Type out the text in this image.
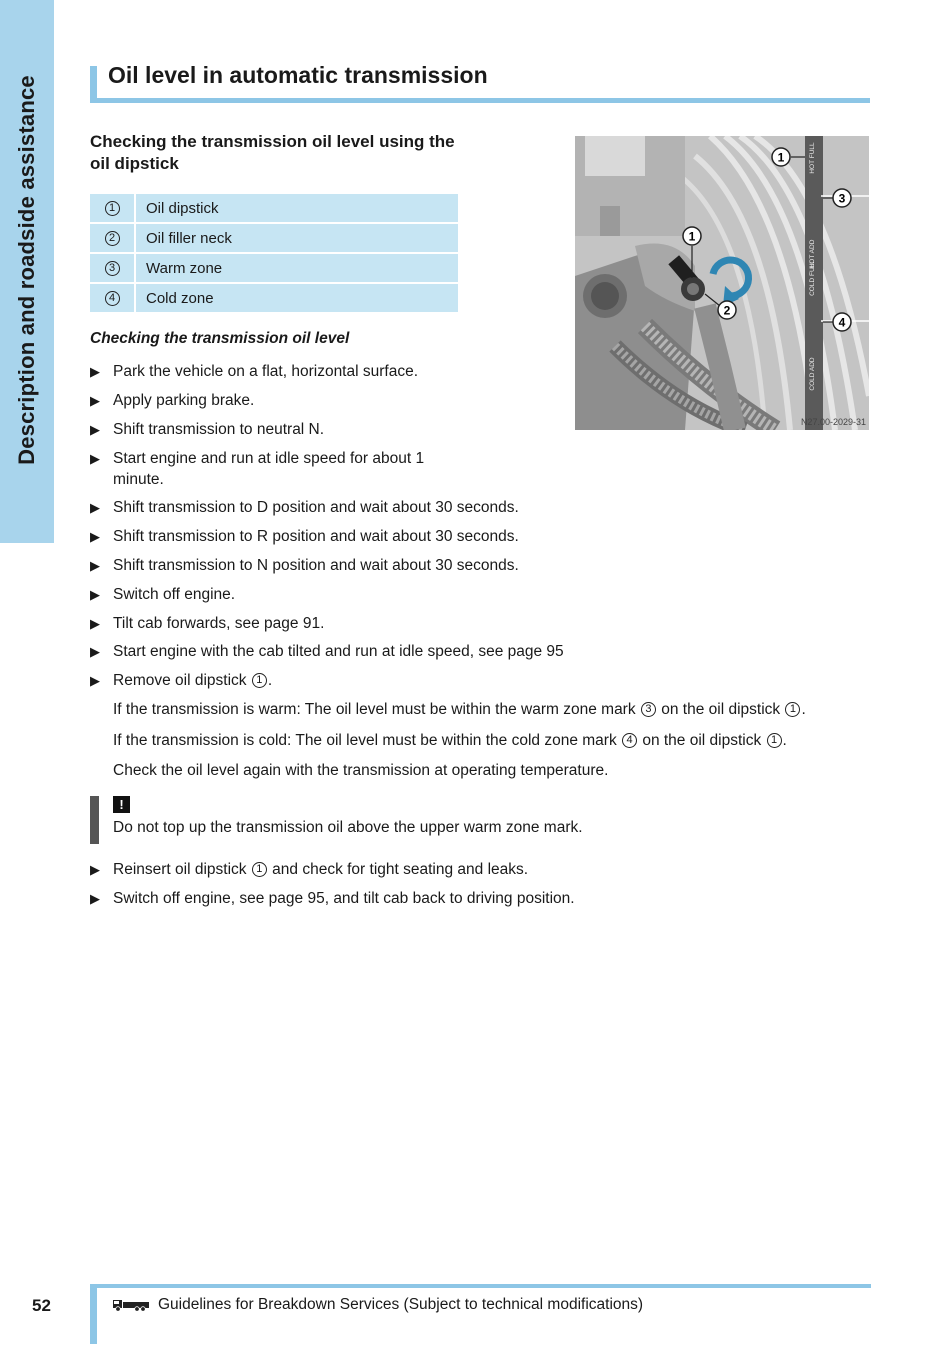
Description and roadside assistance
Oil level in automatic transmission
Checking the transmission oil level using the oil dipstick
1	Oil dipstick
2	Oil filler neck
3	Warm zone
4	Cold zone
HOT FULL
HOT ADD
COLD FULL
COLD ADD
1
1
2
3
4
N27.00-2029-31
Checking the transmission oil level
▶ Park the vehicle on a flat, horizontal surface.
▶ Apply parking brake.
▶ Shift transmission to neutral N.
▶ Start engine and run at idle speed for about 1
minute.
▶ Shift transmission to D position and wait about 30 seconds.
▶ Shift transmission to R position and wait about 30 seconds.
▶ Shift transmission to N position and wait about 30 seconds.
▶ Switch off engine.
▶ Tilt cab forwards, see page 91.
▶ Start engine with the cab tilted and run at idle speed, see page 95
▶ Remove oil dipstick 1 .
If the transmission is warm: The oil level must be within the warm zone mark 3 on the oil dipstick 1 .
If the transmission is cold: The oil level must be within the cold zone mark 4 on the oil dipstick 1 .
Check the oil level again with the transmission at operating temperature.
!
Do not top up the transmission oil above the upper warm zone mark.
▶ Reinsert oil dipstick 1 and check for tight seating and leaks.
▶ Switch off engine, see page 95, and tilt cab back to driving position.
52	Guidelines for Breakdown Services (Subject to technical modifications)
